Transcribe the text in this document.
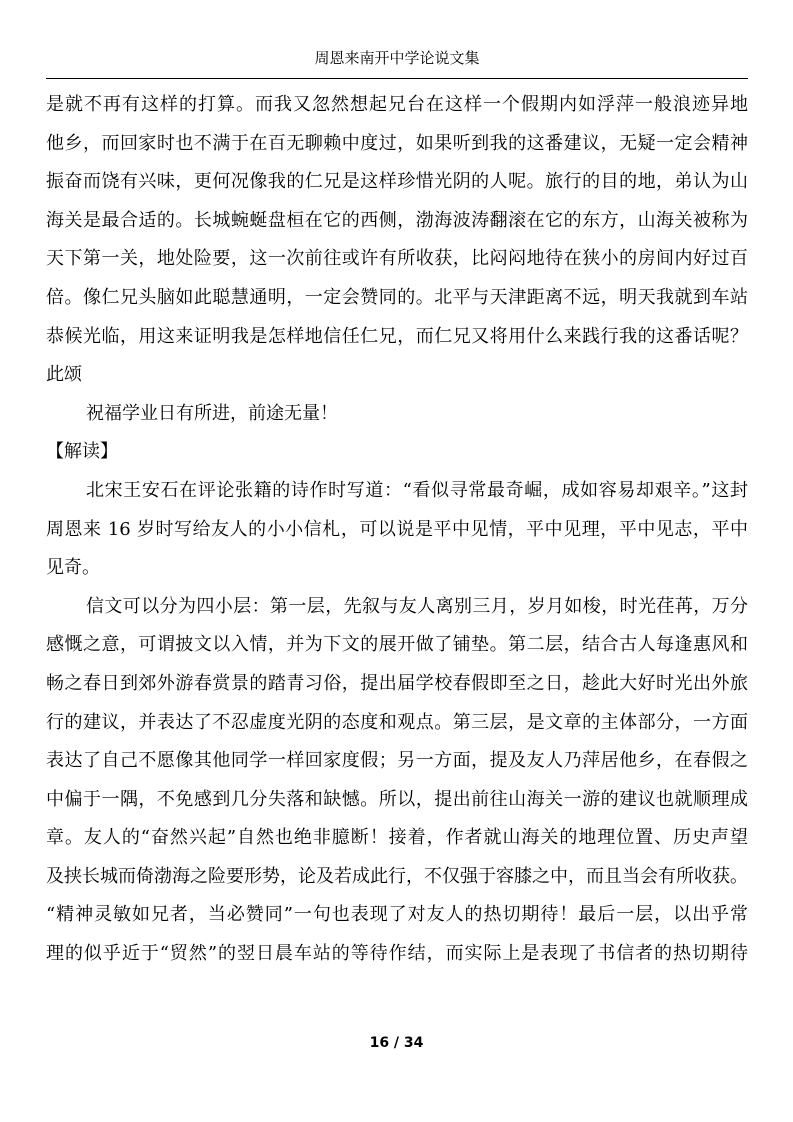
周恩来南开中学论说文集
是就不再有这样的打算。而我又忽然想起兄台在这样一个假期内如浮萍一般浪迹异地
他乡，而回家时也不满于在百无聊赖中度过，如果听到我的这番建议，无疑一定会精神
振奋而饶有兴味，更何况像我的仁兄是这样珍惜光阴的人呢。旅行的目的地，弟认为山
海关是最合适的。长城蜿蜒盘桓在它的西侧，渤海波涛翻滚在它的东方，山海关被称为
天下第一关，地处险要，这一次前往或许有所收获，比闷闷地待在狭小的房间内好过百
倍。像仁兄头脑如此聪慧通明，一定会赞同的。北平与天津距离不远，明天我就到车站
恭候光临，用这来证明我是怎样地信任仁兄，而仁兄又将用什么来践行我的这番话呢？
此颂
祝福学业日有所进，前途无量！
【解读】
北宋王安石在评论张籍的诗作时写道：“看似寻常最奇崛，成如容易却艰辛。”这封
周恩来 16 岁时写给友人的小小信札，可以说是平中见情，平中见理，平中见志，平中
见奇。
信文可以分为四小层：第一层，先叙与友人离别三月，岁月如梭，时光荏苒，万分
感慨之意，可谓披文以入情，并为下文的展开做了铺垫。第二层，结合古人每逢惠风和
畅之春日到郊外游春赏景的踏青习俗，提出届学校春假即至之日，趁此大好时光出外旅
行的建议，并表达了不忍虚度光阴的态度和观点。第三层，是文章的主体部分，一方面
表达了自己不愿像其他同学一样回家度假；另一方面，提及友人乃萍居他乡，在春假之
中偏于一隅，不免感到几分失落和缺憾。所以，提出前往山海关一游的建议也就顺理成
章。友人的“奋然兴起”自然也绝非臆断！接着，作者就山海关的地理位置、历史声望
及挟长城而倚渤海之险要形势，论及若成此行，不仅强于容膝之中，而且当会有所收获。
“精神灵敏如兄者，当必赞同”一句也表现了对友人的热切期待！最后一层，以出乎常
理的似乎近于“贸然”的翌日晨车站的等待作结，而实际上是表现了书信者的热切期待
16 / 34
